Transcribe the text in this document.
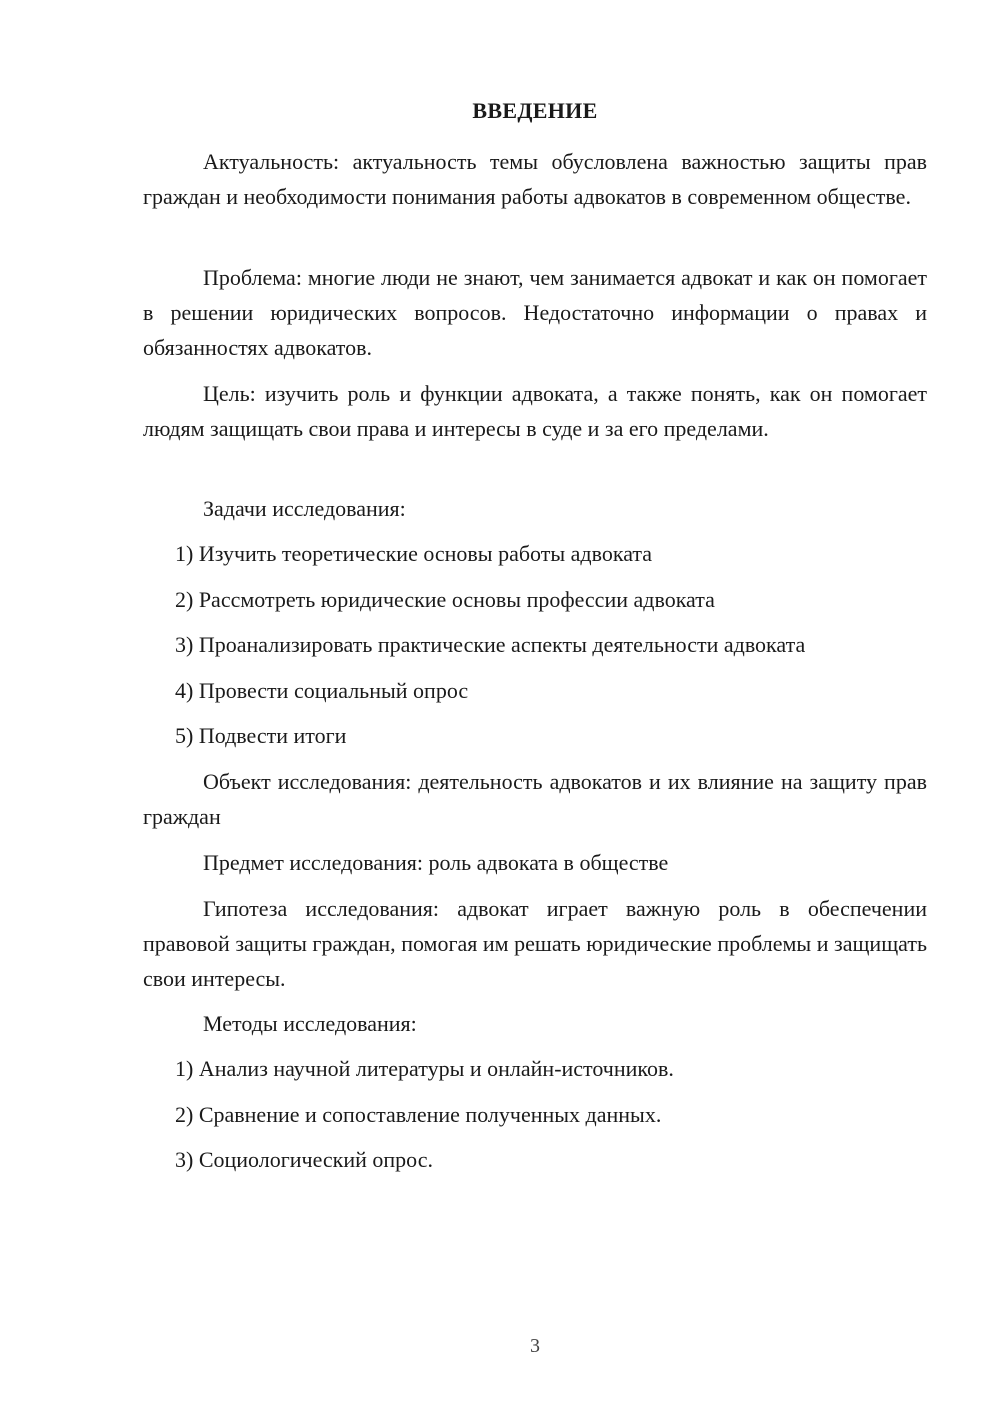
ВВЕДЕНИЕ

Актуальность: актуальность темы обусловлена важностью защиты прав граждан и необходимости понимания работы адвокатов в современном обществе.

Проблема: многие люди не знают, чем занимается адвокат и как он помогает в решении юридических вопросов. Недостаточно информации о правах и обязанностях адвокатов.

Цель: изучить роль и функции адвоката, а также понять, как он помогает людям защищать свои права и интересы в суде и за его пределами.

Задачи исследования:

1) Изучить теоретические основы работы адвоката
2) Рассмотреть юридические основы профессии адвоката
3) Проанализировать практические аспекты деятельности адвоката
4) Провести социальный опрос
5) Подвести итоги

Объект исследования: деятельность адвокатов и их влияние на защиту прав граждан

Предмет исследования: роль адвоката в обществе

Гипотеза исследования: адвокат играет важную роль в обеспечении правовой защиты граждан, помогая им решать юридические проблемы и защищать свои интересы.

Методы исследования:

1) Анализ научной литературы и онлайн-источников.
2) Сравнение и сопоставление полученных данных.
3) Социологический опрос.
3
